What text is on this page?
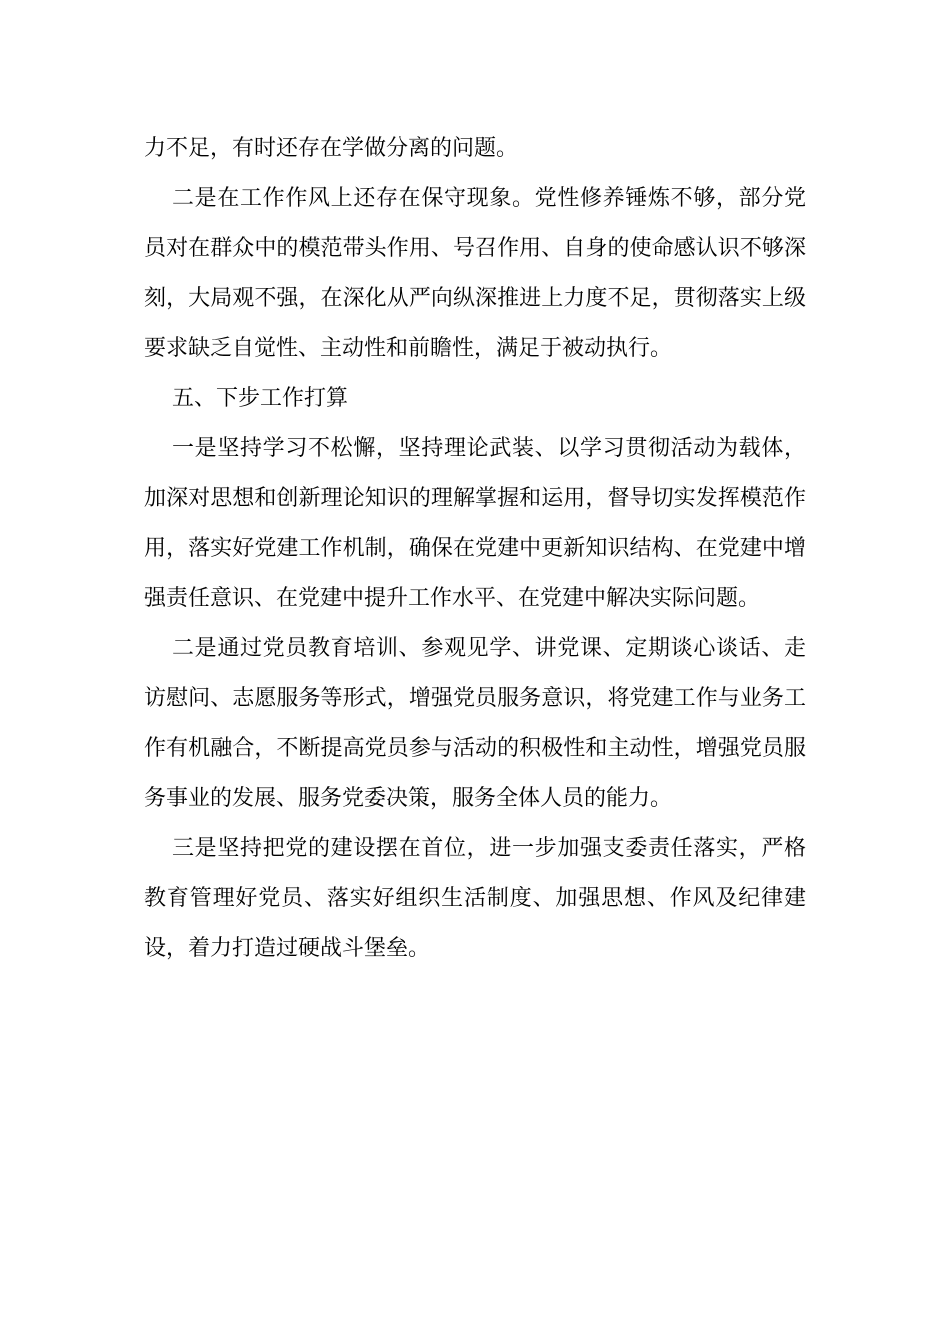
力不足，有时还存在学做分离的问题。

二是在工作作风上还存在保守现象。党性修养锤炼不够，部分党员对在群众中的模范带头作用、号召作用、自身的使命感认识不够深刻，大局观不强，在深化从严向纵深推进上力度不足，贯彻落实上级要求缺乏自觉性、主动性和前瞻性，满足于被动执行。

五、下步工作打算

一是坚持学习不松懈，坚持理论武装、以学习贯彻活动为载体，加深对思想和创新理论知识的理解掌握和运用，督导切实发挥模范作用，落实好党建工作机制，确保在党建中更新知识结构、在党建中增强责任意识、在党建中提升工作水平、在党建中解决实际问题。

二是通过党员教育培训、参观见学、讲党课、定期谈心谈话、走访慰问、志愿服务等形式，增强党员服务意识，将党建工作与业务工作有机融合，不断提高党员参与活动的积极性和主动性，增强党员服务事业的发展、服务党委决策，服务全体人员的能力。

三是坚持把党的建设摆在首位，进一步加强支委责任落实，严格教育管理好党员、落实好组织生活制度、加强思想、作风及纪律建设，着力打造过硬战斗堡垒。
